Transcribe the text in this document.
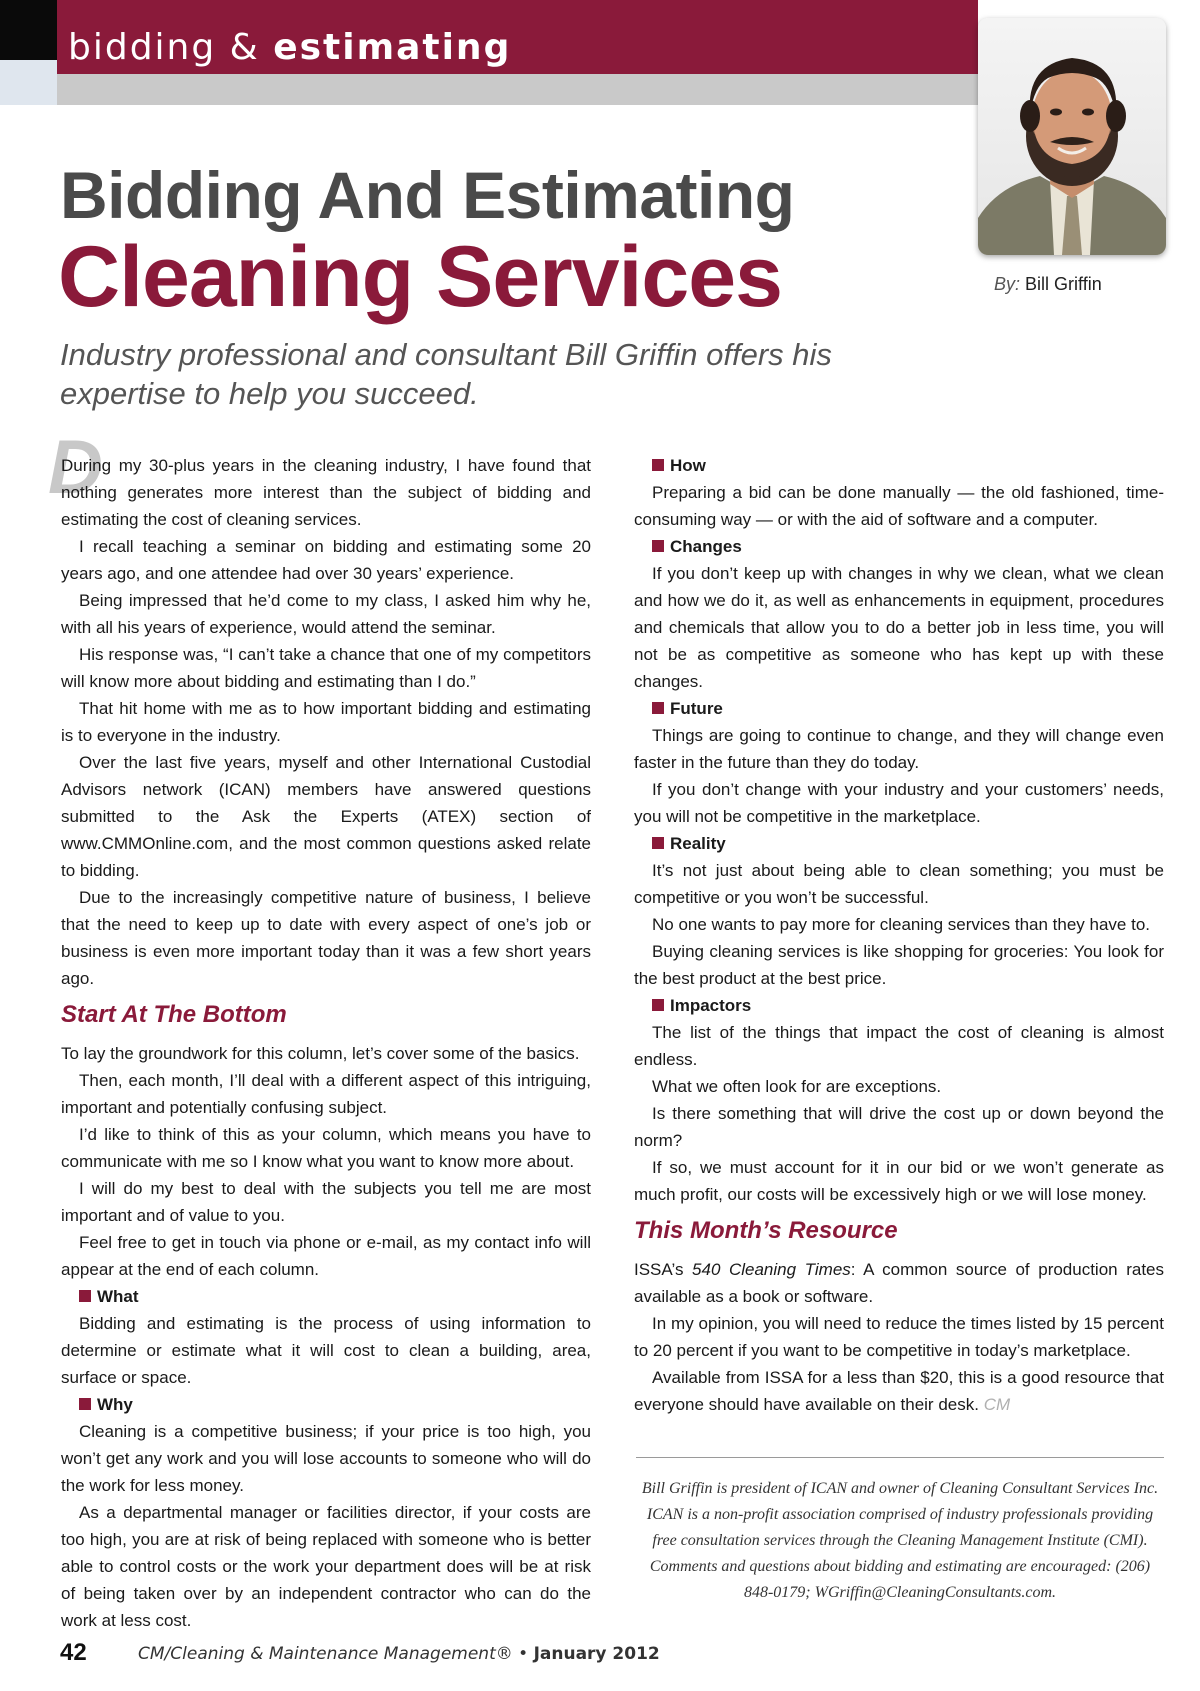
bidding & estimating
By: Bill Griffin
Bidding And Estimating
Cleaning Services
Industry professional and consultant Bill Griffin offers his expertise to help you succeed.
D

During my 30-plus years in the cleaning industry, I have found that nothing generates more interest than the subject of bidding and estimating the cost of cleaning services.

I recall teaching a seminar on bidding and estimating some 20 years ago, and one attendee had over 30 years’ experience.

Being impressed that he’d come to my class, I asked him why he, with all his years of experience, would attend the seminar.

His response was, “I can’t take a chance that one of my competitors will know more about bidding and estimating than I do.”

That hit home with me as to how important bidding and estimating is to everyone in the industry.

Over the last five years, myself and other International Custodial Advisors network (ICAN) members have answered questions submitted to the Ask the Experts (ATEX) section of www.CMMOnline.com, and the most common questions asked relate to bidding.

Due to the increasingly competitive nature of business, I believe that the need to keep up to date with every aspect of one’s job or business is even more important today than it was a few short years ago.

Start At The Bottom

To lay the groundwork for this column, let’s cover some of the basics.

Then, each month, I’ll deal with a different aspect of this intriguing, important and potentially confusing subject.

I’d like to think of this as your column, which means you have to communicate with me so I know what you want to know more about.

I will do my best to deal with the subjects you tell me are most important and of value to you.

Feel free to get in touch via phone or e-mail, as my contact info will appear at the end of each column.

What

Bidding and estimating is the process of using information to determine or estimate what it will cost to clean a building, area, surface or space.

Why

Cleaning is a competitive business; if your price is too high, you won’t get any work and you will lose accounts to someone who will do the work for less money.

As a departmental manager or facilities director, if your costs are too high, you are at risk of being replaced with someone who is better able to control costs or the work your department does will be at risk of being taken over by an independent contractor who can do the work at less cost.

How

Preparing a bid can be done manually — the old fashioned, time-consuming way — or with the aid of software and a computer.

Changes

If you don’t keep up with changes in why we clean, what we clean and how we do it, as well as enhancements in equipment, procedures and chemicals that allow you to do a better job in less time, you will not be as competitive as someone who has kept up with these changes.

Future

Things are going to continue to change, and they will change even faster in the future than they do today.

If you don’t change with your industry and your customers’ needs, you will not be competitive in the marketplace.

Reality

It’s not just about being able to clean something; you must be competitive or you won’t be successful.

No one wants to pay more for cleaning services than they have to.

Buying cleaning services is like shopping for groceries: You look for the best product at the best price.

Impactors

The list of the things that impact the cost of cleaning is almost endless.

What we often look for are exceptions.

Is there something that will drive the cost up or down beyond the norm?

If so, we must account for it in our bid or we won’t generate as much profit, our costs will be excessively high or we will lose money.

This Month’s Resource

ISSA’s 540 Cleaning Times: A common source of production rates available as a book or software.

In my opinion, you will need to reduce the times listed by 15 percent to 20 percent if you want to be competitive in today’s marketplace.

Available from ISSA for a less than $20, this is a good resource that everyone should have available on their desk. CM

Bill Griffin is president of ICAN and owner of Cleaning Consultant Services Inc. ICAN is a non-profit association comprised of industry professionals providing free consultation services through the Cleaning Management Institute (CMI). Comments and questions about bidding and estimating are encouraged: (206) 848-0179; WGriffin@CleaningConsultants.com.
42	CM/Cleaning & Maintenance Management® • January 2012
